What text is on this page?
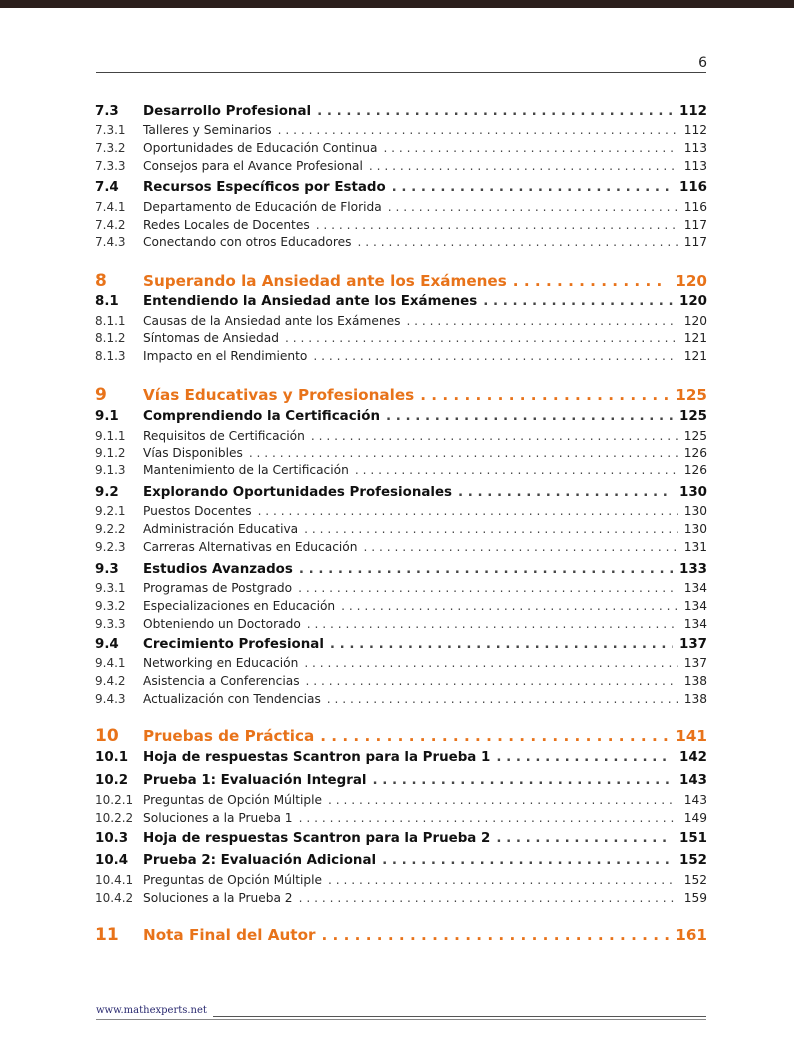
6
7.3	Desarrollo Profesional . . .	112
7.3.1	Talleres y Seminarios . . .	112
7.3.2	Oportunidades de Educación Continua . . .	113
7.3.3	Consejos para el Avance Profesional . . .	113
7.4	Recursos Específicos por Estado . . .	116
7.4.1	Departamento de Educación de Florida . . .	116
7.4.2	Redes Locales de Docentes . . .	117
7.4.3	Conectando con otros Educadores . . .	117
8	Superando la Ansiedad ante los Exámenes . . .	120
8.1	Entendiendo la Ansiedad ante los Exámenes . . .	120
8.1.1	Causas de la Ansiedad ante los Exámenes . . .	120
8.1.2	Síntomas de Ansiedad . . .	121
8.1.3	Impacto en el Rendimiento . . .	121
9	Vías Educativas y Profesionales . . .	125
9.1	Comprendiendo la Certificación . . .	125
9.1.1	Requisitos de Certificación . . .	125
9.1.2	Vías Disponibles . . .	126
9.1.3	Mantenimiento de la Certificación . . .	126
9.2	Explorando Oportunidades Profesionales . . .	130
9.2.1	Puestos Docentes . . .	130
9.2.2	Administración Educativa . . .	130
9.2.3	Carreras Alternativas en Educación . . .	131
9.3	Estudios Avanzados . . .	133
9.3.1	Programas de Postgrado . . .	134
9.3.2	Especializaciones en Educación . . .	134
9.3.3	Obteniendo un Doctorado . . .	134
9.4	Crecimiento Profesional . . .	137
9.4.1	Networking en Educación . . .	137
9.4.2	Asistencia a Conferencias . . .	138
9.4.3	Actualización con Tendencias . . .	138
10	Pruebas de Práctica . . .	141
10.1	Hoja de respuestas Scantron para la Prueba 1 . . .	142
10.2	Prueba 1: Evaluación Integral . . .	143
10.2.1 Preguntas de Opción Múltiple . . .	143
10.2.2 Soluciones a la Prueba 1 . . .	149
10.3	Hoja de respuestas Scantron para la Prueba 2 . . .	151
10.4	Prueba 2: Evaluación Adicional . . .	152
10.4.1 Preguntas de Opción Múltiple . . .	152
10.4.2 Soluciones a la Prueba 2 . . .	159
11	Nota Final del Autor . . .	161
www.mathexperts.net
